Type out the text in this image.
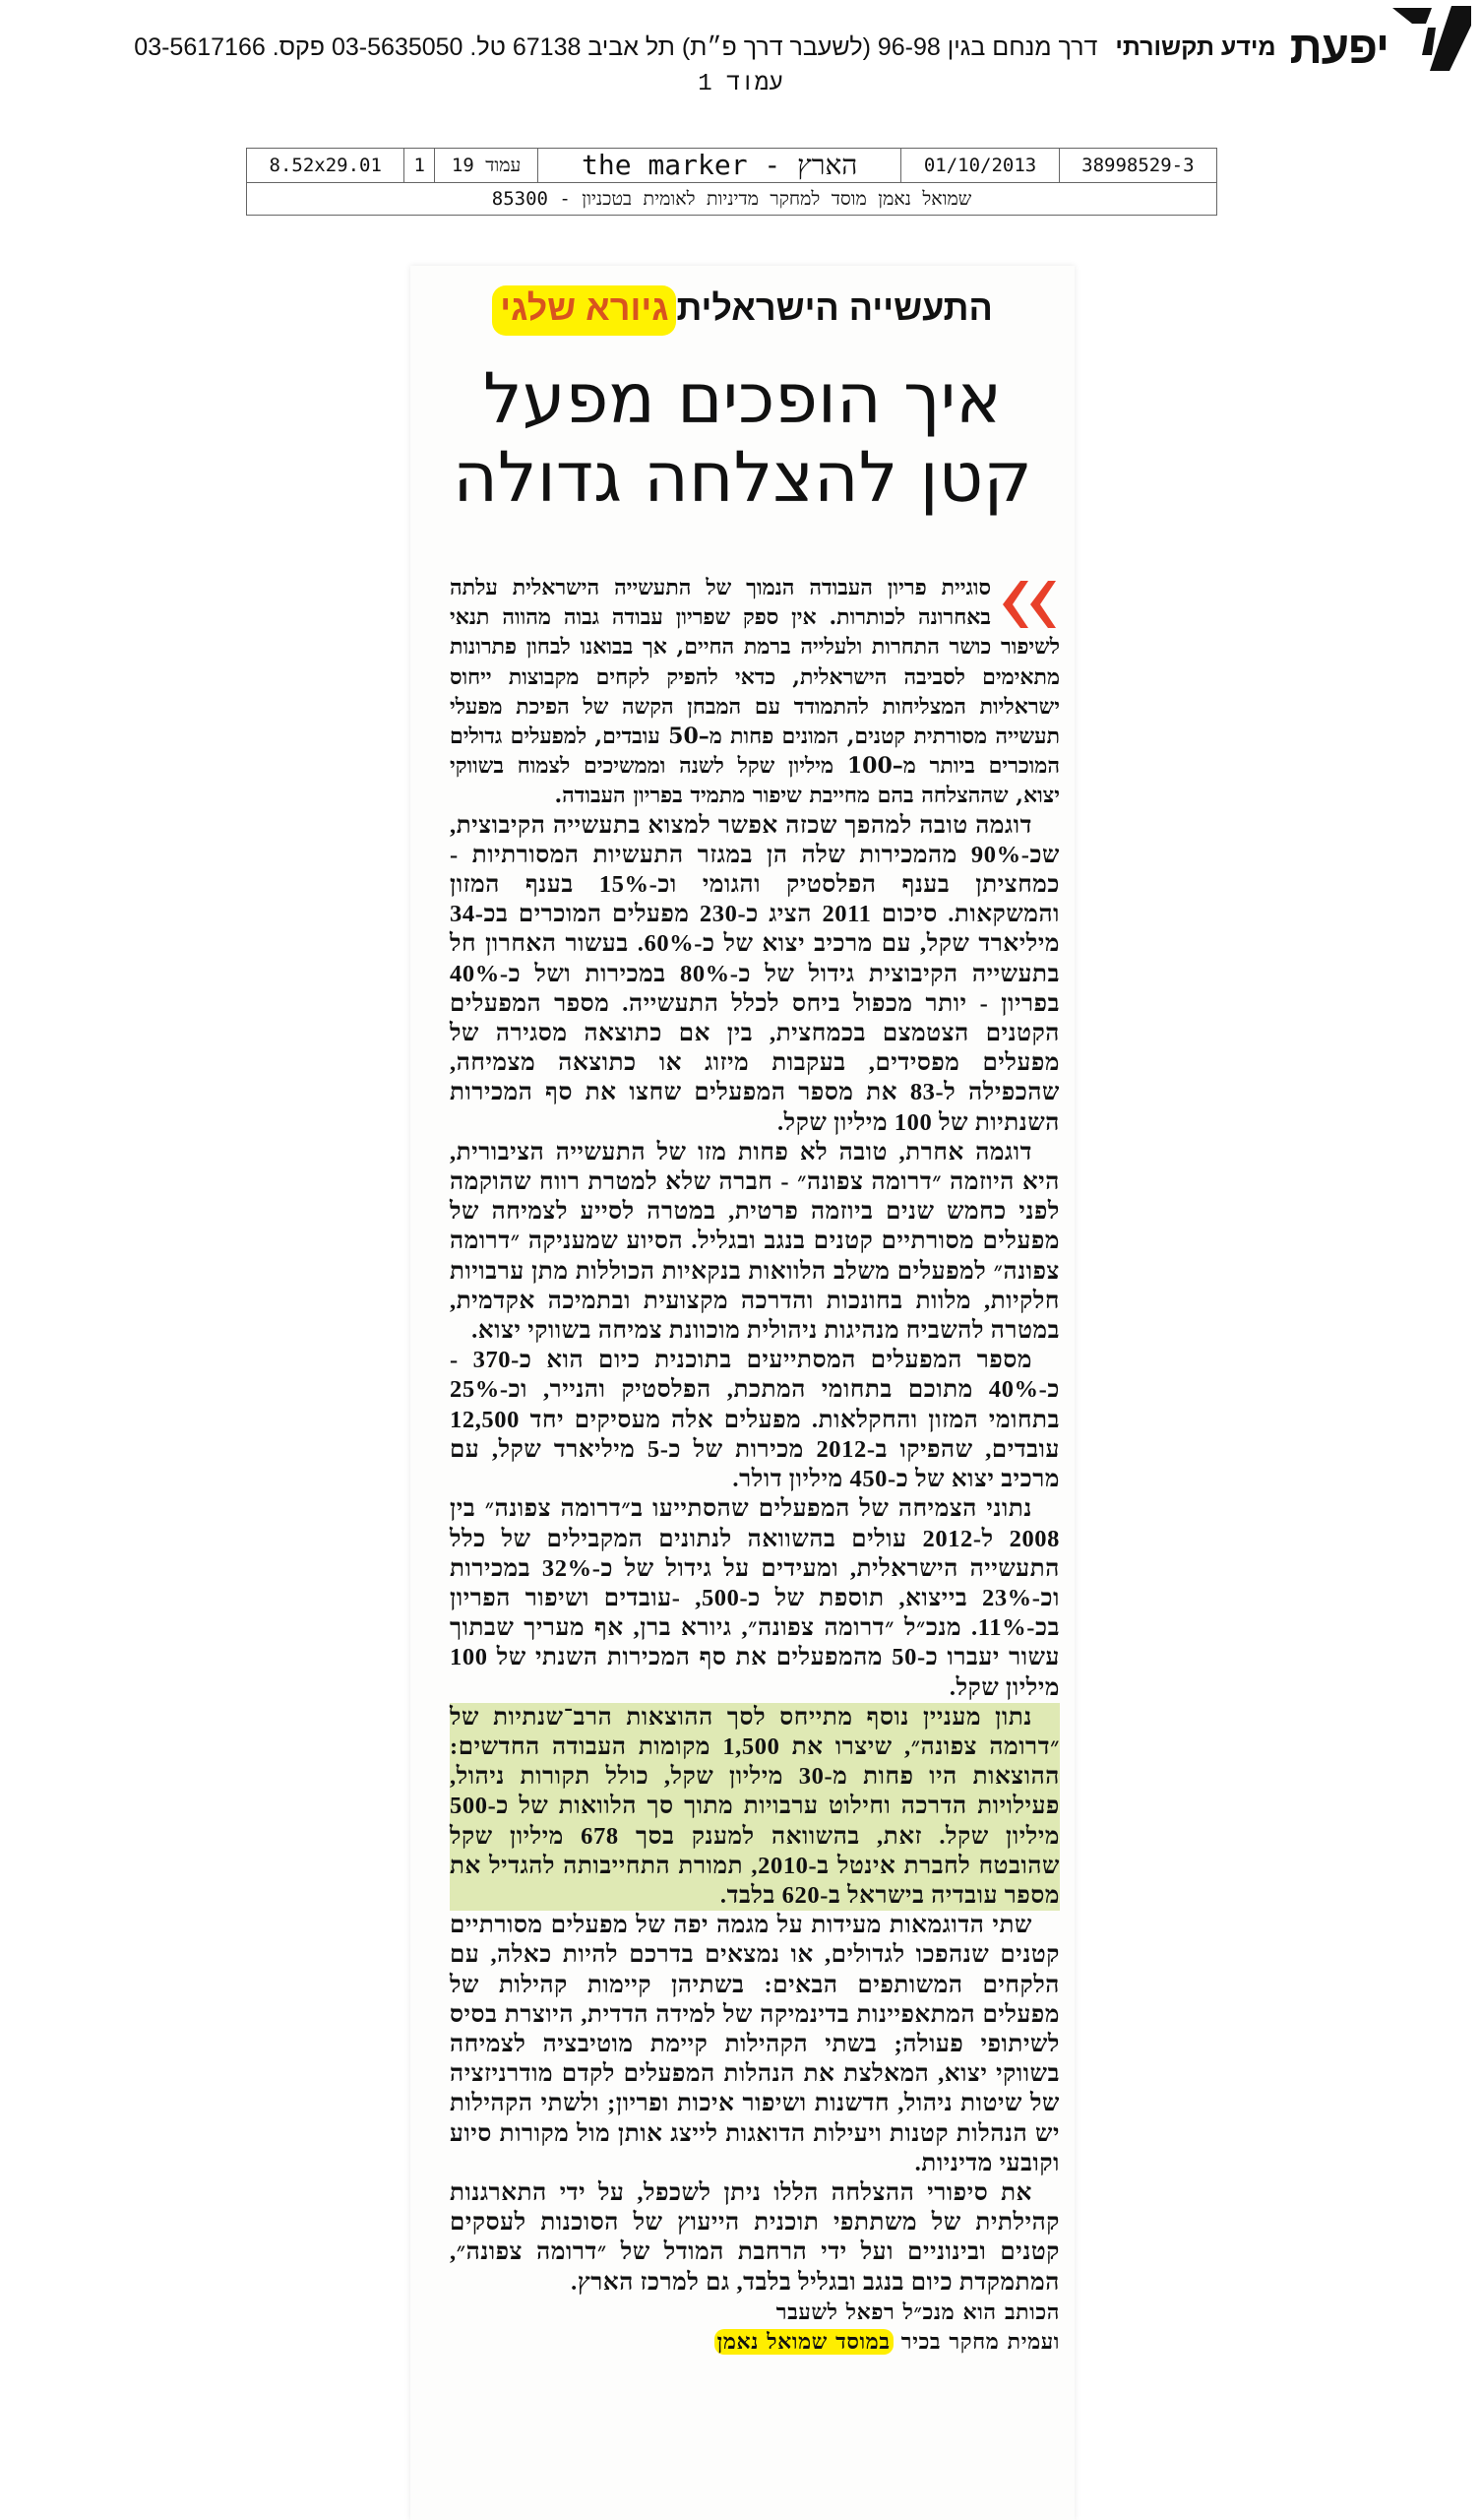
יפעת
מידע תקשורתי
דרך מנחם בגין 96-98 (לשעבר דרך פ״ת) תל אביב 67138 טל. 03-5635050 פקס. 03-5617166
עמוד 1
38998529-3	01/10/2013	הארץ - the marker	עמוד 19	1	8.52x29.01
שמואל נאמן מוסד למחקר מדיניות לאומית בטכניון - 85300
התעשייה הישראליתגיורא שלגי
איך הופכים מפעל
קטן להצלחה גדולה

סוגיית פריון העבודה הנמוך של התעשייה הישראלית עלתה באחרונה לכותרות. אין ספק שפריון עבודה גבוה מהווה תנאי לשיפור כושר התחרות ולעלייה ברמת החיים, אך בבואנו לבחון פתרונות מתאימים לסביבה הישראלית, כדאי להפיק לקחים מקבוצות ייחוס ישראליות המצליחות להתמודד עם המבחן הקשה של הפיכת מפעלי תעשייה מסורתית קטנים, המונים פחות מ–50 עובדים, למפעלים גדולים המוכרים ביותר מ–100 מיליון שקל לשנה וממשיכים לצמוח בשווקי יצוא, שההצלחה בהם מחייבת שיפור מתמיד בפריון העבודה.

דוגמה טובה למהפך שכזה אפשר למצוא בתעשייה הקיבוצית, שכ-90% מהמכירות שלה הן במגזר התעשיות המסורתיות - כמחציתן בענף הפלסטיק והגומי וכ-15% בענף המזון והמשקאות. סיכום 2011 הציג כ-230 מפעלים המוכרים בכ-34 מיליארד שקל, עם מרכיב יצוא של כ-60%. בעשור האחרון חל בתעשייה הקיבוצית גידול של כ-80% במכירות ושל כ-40% בפריון - יותר מכפול ביחס לכלל התעשייה. מספר המפעלים הקטנים הצטמצם בכמחצית, בין אם כתוצאה מסגירה של מפעלים מפסידים, בעקבות מיזוג או כתוצאה מצמיחה, שהכפילה ל-83 את מספר המפעלים שחצו את סף המכירות השנתיות של 100 מיליון שקל.

דוגמה אחרת, טובה לא פחות מזו של התעשייה הציבורית, היא היוזמה ״דרומה צפונה״ - חברה שלא למטרת רווח שהוקמה לפני כחמש שנים ביוזמה פרטית, במטרה לסייע לצמיחה של מפעלים מסורתיים קטנים בנגב ובגליל. הסיוע שמעניקה ״דרומה צפונה״ למפעלים משלב הלוואות בנקאיות הכוללות מתן ערבויות חלקיות, מלוות בחונכות והדרכה מקצועית ובתמיכה אקדמית, במטרה להשביח מנהיגות ניהולית מוכוונת צמיחה בשווקי יצוא.

מספר המפעלים המסתייעים בתוכנית כיום הוא כ-370 - כ-40% מתוכם בתחומי המתכת, הפלסטיק והנייר, וכ-25% בתחומי המזון והחקלאות. מפעלים אלה מעסיקים יחד 12,500 עובדים, שהפיקו ב-2012 מכירות של כ-5 מיליארד שקל, עם מרכיב יצוא של כ-450 מיליון דולר.

נתוני הצמיחה של המפעלים שהסתייעו ב״דרומה צפונה״ בין 2008 ל-2012 עולים בהשוואה לנתונים המקבילים של כלל התעשייה הישראלית, ומעידים על גידול של כ-32% במכירות וכ-23% בייצוא, תוספת של כ-500, -עובדים ושיפור הפריון בכ-11%. מנכ״ל ״דרומה צפונה״, גיורא ברן, אף מעריך שבתוך עשור יעברו כ-50 מהמפעלים את סף המכירות השנתי של 100 מיליון שקל.

נתון מעניין נוסף מתייחס לסך ההוצאות הרב־שנתיות של ״דרומה צפונה״, שיצרו את 1,500 מקומות העבודה החדשים: ההוצאות היו פחות מ-30 מיליון שקל, כולל תקורות ניהול, פעילויות הדרכה וחילוט ערבויות מתוך סך הלוואות של כ-500 מיליון שקל. זאת, בהשוואה למענק בסך 678 מיליון שקל שהובטח לחברת אינטל ב-2010, תמורת התחייבותה להגדיל את מספר עובדיה בישראל ב-620 בלבד.

שתי הדוגמאות מעידות על מגמה יפה של מפעלים מסורתיים קטנים שנהפכו לגדולים, או נמצאים בדרכם להיות כאלה, עם הלקחים המשותפים הבאים: בשתיהן קיימות קהילות של מפעלים המתאפיינות בדינמיקה של למידה הדדית, היוצרת בסיס לשיתופי פעולה; בשתי הקהילות קיימת מוטיבציה לצמיחה בשווקי יצוא, המאלצת את הנהלות המפעלים לקדם מודרניזציה של שיטות ניהול, חדשנות ושיפור איכות ופריון; ולשתי הקהילות יש הנהלות קטנות ויעילות הדואגות לייצג אותן מול מקורות סיוע וקובעי מדיניות.

את סיפורי ההצלחה הללו ניתן לשכפל, על ידי התארגנות קהילתית של משתתפי תוכנית הייעוץ של הסוכנות לעסקים קטנים ובינוניים ועל ידי הרחבת המודל של ״דרומה צפונה״, המתמקדת כיום בנגב ובגליל בלבד, גם למרכז הארץ.

הכותב הוא מנכ״ל רפאל לשעבר

ועמית מחקר בכיר במוסד שמואל נאמן
